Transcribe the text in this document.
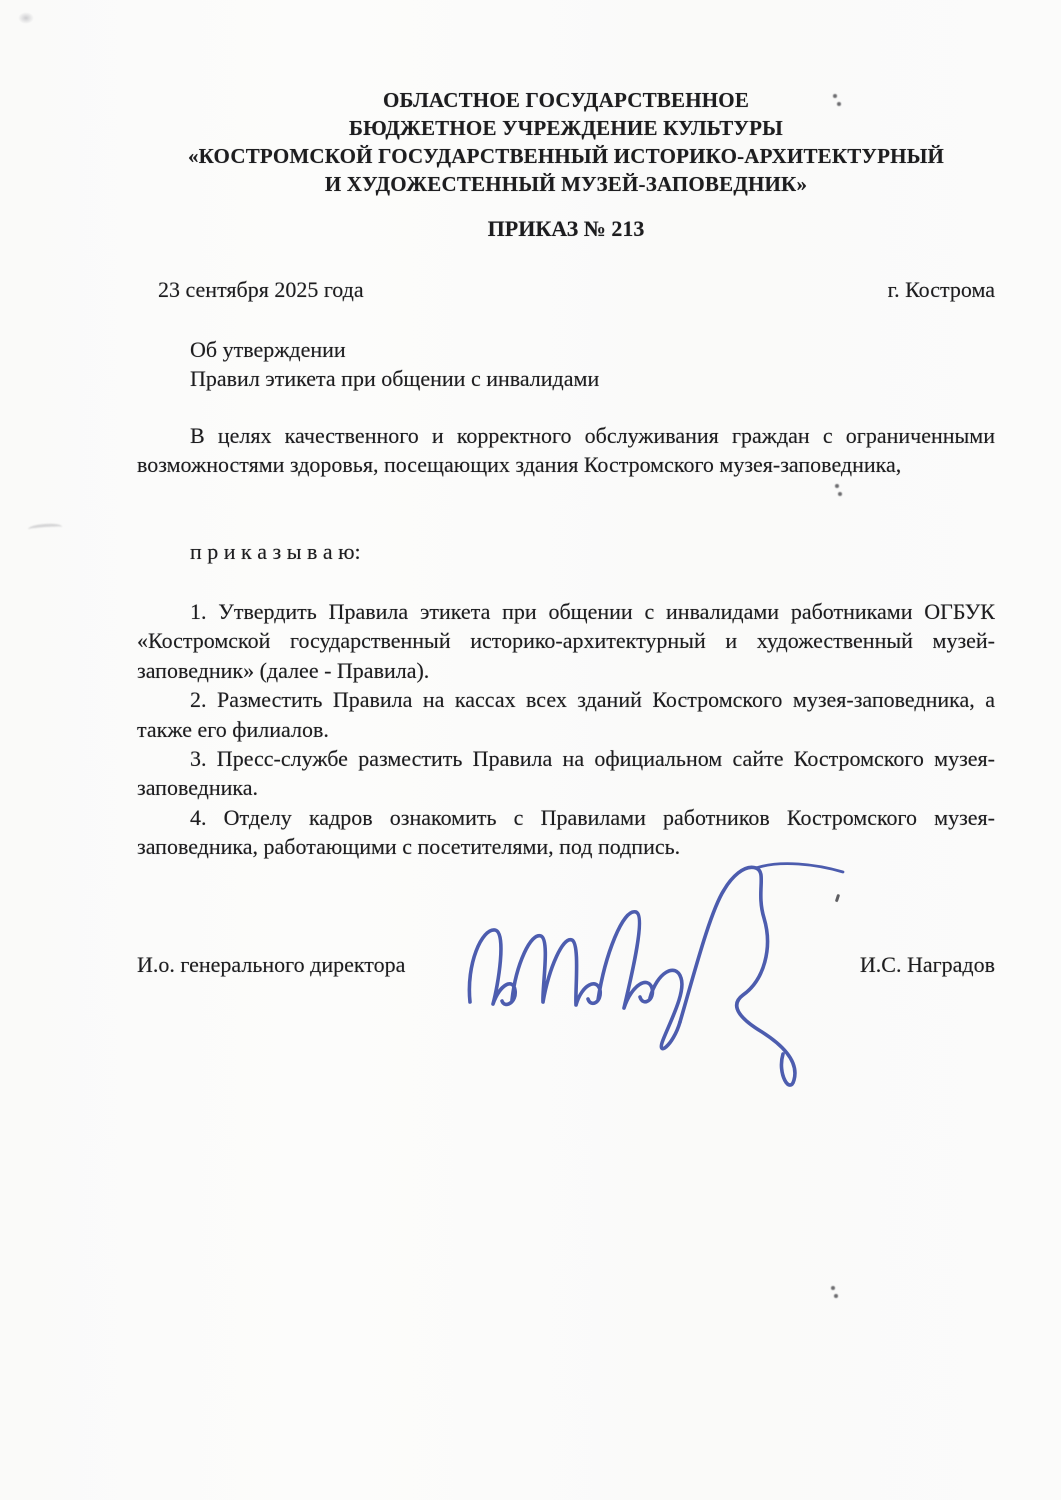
ОБЛАСТНОЕ ГОСУДАРСТВЕННОЕ
БЮДЖЕТНОЕ УЧРЕЖДЕНИЕ КУЛЬТУРЫ
«КОСТРОМСКОЙ ГОСУДАРСТВЕННЫЙ ИСТОРИКО-АРХИТЕКТУРНЫЙ
И ХУДОЖЕСТЕННЫЙ МУЗЕЙ-ЗАПОВЕДНИК»
ПРИКАЗ № 213
23 сентября 2025 года	г. Кострома
Об утверждении
Правил этикета при общении с инвалидами

В целях качественного и корректного обслуживания граждан с ограниченными возможностями здоровья, посещающих здания Костромского музея-заповедника,

п р и к а з ы в а ю:

1. Утвердить Правила этикета при общении с инвалидами работниками ОГБУК «Костромской государственный историко-архитектурный и художественный музей-заповедник» (далее - Правила).

2. Разместить Правила на кассах всех зданий Костромского музея-заповедника, а также его филиалов.

3. Пресс-службе разместить Правила на официальном сайте Костромского музея-заповедника.

4. Отделу кадров ознакомить с Правилами работников Костромского музея-заповедника, работающими с посетителями, под подпись.

И.о. генерального директора	И.С. Наградов
